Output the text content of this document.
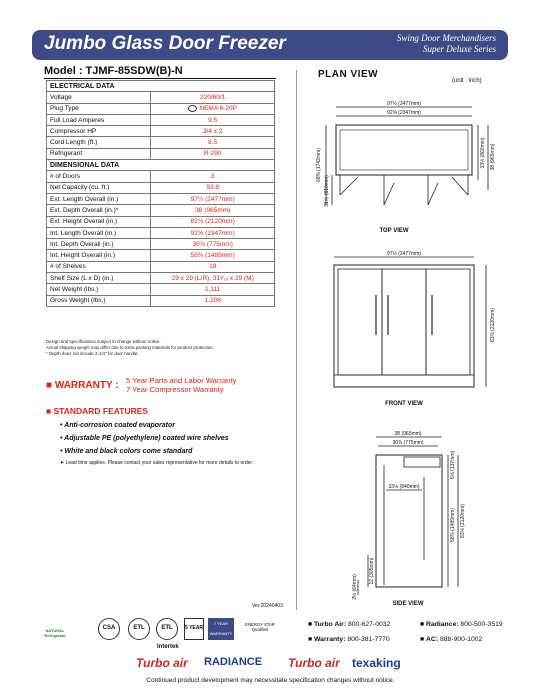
Jumbo Glass Door Freezer	Swing Door Merchandisers
Super Deluxe Series
Model : TJMF-85SDW(B)-N
ELECTRICAL DATA	
Voltage	220/60/1
Plug Type	NEMA 6-20P
Full Load Amperes	9.5
Compressor HP	3/4 x 2
Cord Length (ft.)	8.5
Refrigerant	R-290
DIMENSIONAL DATA	
# of Doors	3
Net Capacity (cu. ft.)	93.8
Ext. Length Overall (in.)	97½ (2477mm)
Ext. Depth Overall (in.)*	38 (965mm)
Ext. Height Overall (in.)	82⅛ (2120mm)
Int. Length Overall (in.)	92⅝ (2347mm)
Int. Depth Overall (in.)	30⅞ (775mm)
Int. Height Overall (in.)	58⅜ (1489mm)
# of Shelves	18
Shelf Size (L x D) (in.)	29 x 29 (L/R), 31¹⁄₁₆ x 29 (M)
Net Weight (lbs.)	1,111
Gross Weight (lbs.)	1,208
Design and specifications subject to change without notice.
Actual shipping weight may differ due to extra packing materials for product protection.
* Depth does not include 2-1/4" for door handle.
■ WARRANTY : 5 Year Parts and Labor Warranty
7 Year Compressor Warranty
■ STANDARD FEATURES
• Anti-corrosion coated evaporator
• Adjustable PE (polyethylene) coated wire shelves
• White and black colors come standard
➤ Lead time applies. Please contact your sales representative for more details to order.
Ver.20240403
PLAN VIEW
(unit : inch)
97½ (2477mm)
92⅝ (2347mm)
68⅜ (1742mm)
31⁷⁄₈ (810mm)
33⅛ (860mm) 38 (965mm)
TOP VIEW
97½ (2477mm)
83⅛ (2120mm)
FRONT VIEW
38 (965mm)
30⅞ (775mm)
33⅛ (840mm)
5⅛ (137mm)
58⅜ (1489mm) 83⅛ (2120mm)
12 (305mm)
2½ (64mm)
SIDE VIEW
NATURAL Refrigerant
CSA	ETL	ETL Intertek
5 YEAR
7 YEAR WARRANTY
ENERGY STAR Qualified
■ Turbo Air: 800-627-0032	■ Radiance: 800-500-3519
■ Warranty: 800-381-7770	■ AC: 888-900-1002
Turbo air RADIANCE Turbo air texaking
Continued product development may necessitate specification changes without notice.
